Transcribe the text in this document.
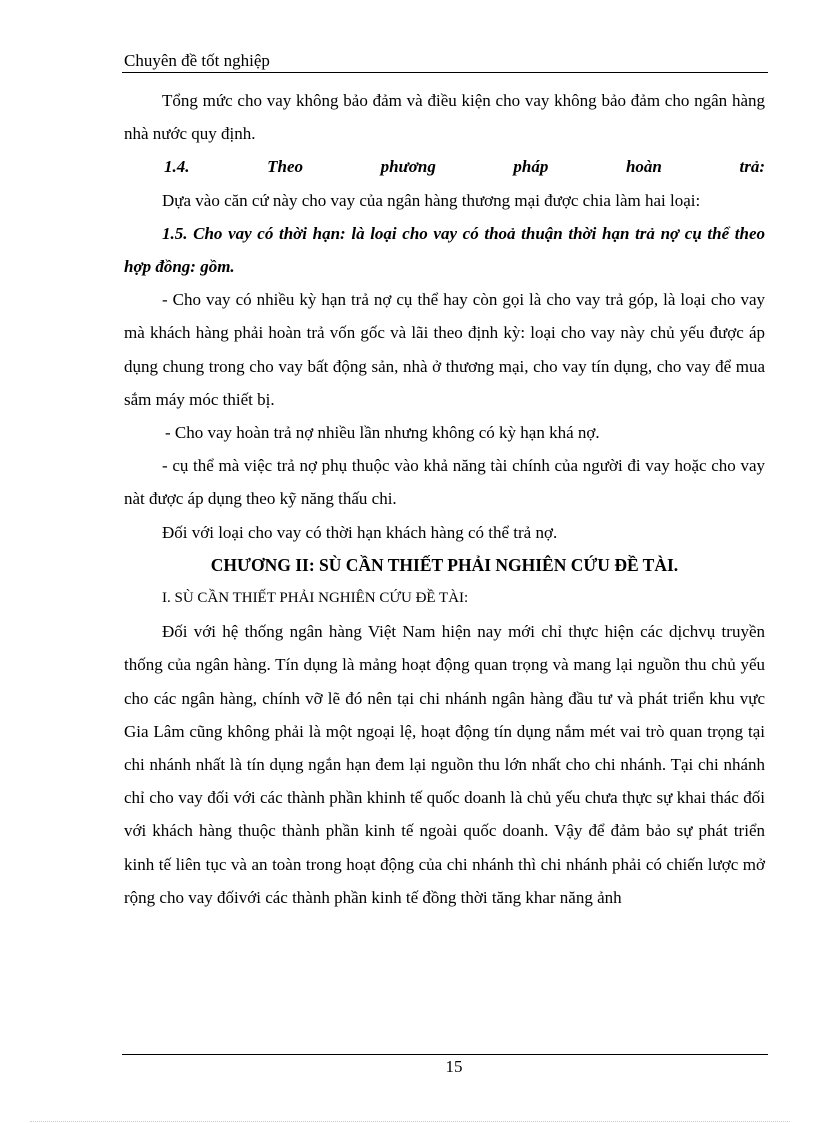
Chuyên đề tốt nghiệp

Tổng mức cho vay không bảo đảm và điều kiện cho vay không bảo đảm cho ngân hàng nhà nước quy định.

1.4. Theo phương pháp hoàn trả:

Dựa vào căn cứ này cho vay của ngân hàng thương mại được chia làm hai loại:

1.5. Cho vay có thời hạn: là loại cho vay có thoả thuận thời hạn trả nợ cụ thể theo hợp đồng: gồm.

- Cho vay có nhiều kỳ hạn trả nợ cụ thể hay còn gọi là cho vay trả góp, là loại cho vay mà khách hàng phải hoàn trả vốn gốc và lãi theo định kỳ: loại cho vay này chủ yếu được áp dụng chung trong cho vay bất động sản, nhà ở thương mại, cho vay tín dụng, cho vay để mua sắm máy móc thiết bị.

- Cho vay hoàn trả nợ nhiều lần nhưng không có kỳ hạn khá nợ.

- cụ thể mà việc trả nợ phụ thuộc vào khả năng tài chính của người đi vay hoặc cho vay nàt được áp dụng theo kỹ năng thấu chi.

Đối với loại cho vay có thời hạn khách hàng có thể trả nợ.

CHƯƠNG II: SÙ CẦN THIẾT PHẢI NGHIÊN CỨU ĐỀ TÀI.

I. SÙ CẦN THIẾT PHẢI NGHIÊN CỨU ĐỀ TÀI:

Đối với hệ thống ngân hàng Việt Nam hiện nay mới chỉ thực hiện các dịchvụ truyền thống của ngân hàng. Tín dụng là mảng hoạt động quan trọng và mang lại nguồn thu chủ yếu cho các ngân hàng, chính vỡ lẽ đó nên tại chi nhánh ngân hàng đầu tư và phát triển khu vực Gia Lâm cũng không phải là một ngoại lệ, hoạt động tín dụng nắm mét vai trò quan trọng tại chi nhánh nhất là tín dụng ngắn hạn đem lại nguồn thu lớn nhất cho chi nhánh. Tại chi nhánh chỉ cho vay đối với các thành phần khinh tế quốc doanh là chủ yếu chưa thực sự khai thác đối với khách hàng thuộc thành phần kinh tế ngoài quốc doanh. Vậy để đảm bảo sự phát triển kinh tế liên tục và an toàn trong hoạt động của chi nhánh thì chi nhánh phải có chiến lược mở rộng cho vay đốivới các thành phần kinh tế đồng thời tăng khar năng ảnh

15
